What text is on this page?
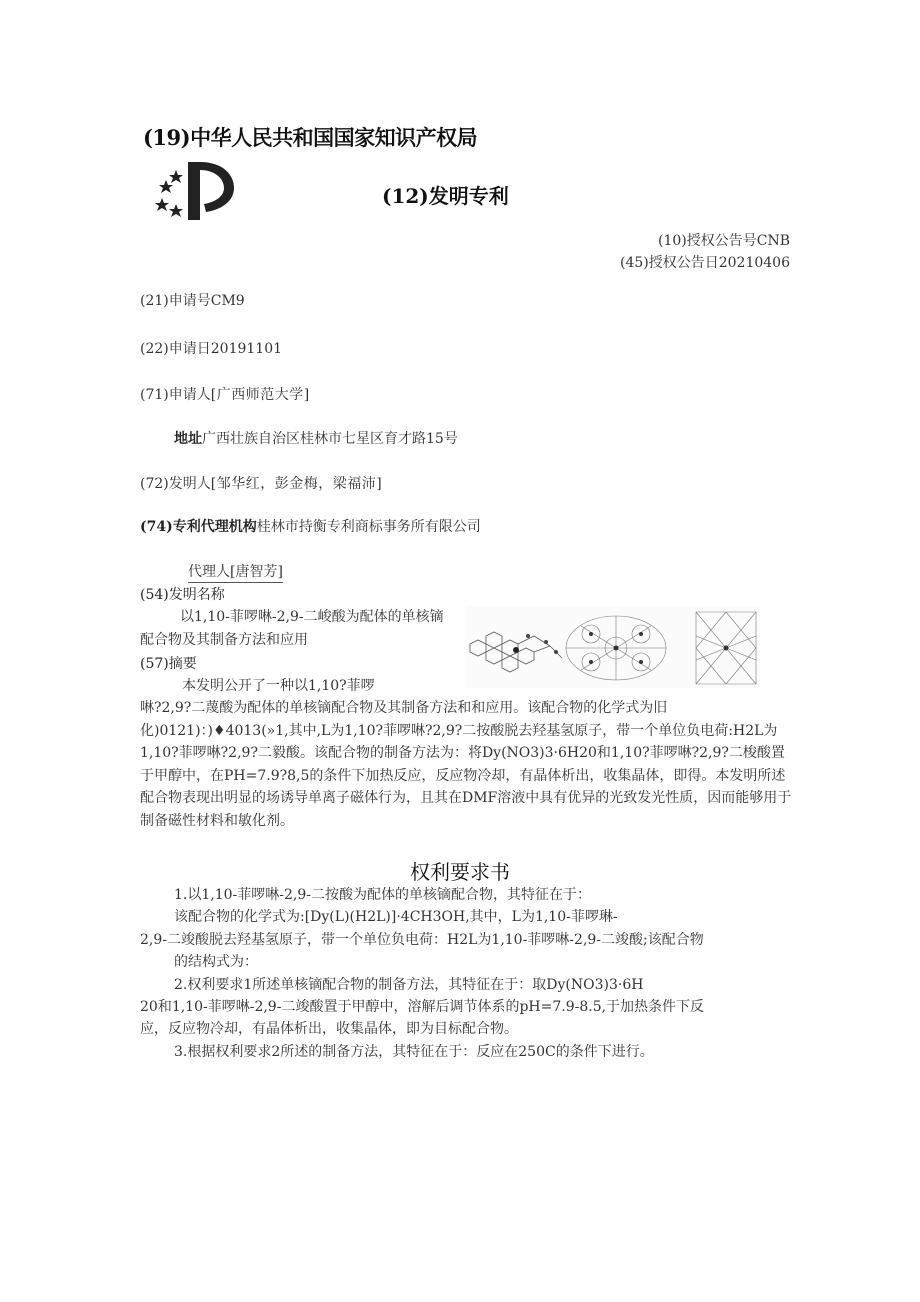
(19)中华人民共和国国家知识产权局
(12)发明专利
(10)授权公告号CNB
(45)授权公告日20210406
(21)申请号CM9
(22)申请日20191101
(71)申请人[广西师范大学]
地址广西壮族自治区桂林市七星区育才路15号
(72)发明人[邹华红，彭金梅，梁福沛]
(74)专利代理机构桂林市持衡专利商标事务所有限公司
代理人[唐智芳]
(54)发明名称
以1,10-菲啰啉-2,9-二峻酸为配体的单核镝配合物及其制备方法和应用
(57)摘要
本发明公开了一种以1,10?菲啰
啉?2,9?二蔑酸为配体的单核镝配合物及其制备方法和和应用。该配合物的化学式为旧化)0121)：)♦4013(»1,其中,L为1,10?菲啰啉?2,9?二按酸脱去羟基氢原子，带一个单位负电荷:H2L为1,10?菲啰啉?2,9?二毅酸。该配合物的制备方法为：将Dy(NO3)3·6H20和1,10?菲啰啉?2,9?二梭酸置于甲醇中，在PH=7.9?8,5的条件下加热反应，反应物冷却，有晶体析出，收集晶体，即得。本发明所述配合物表现出明显的场诱导单离子磁体行为，且其在DMF溶液中具有优异的光致发光性质，因而能够用于制备磁性材料和敏化剂。
权利要求书

1.以1,10-菲啰啉-2,9-二按酸为配体的单核镝配合物，其特征在于：

该配合物的化学式为:[Dy(L)(H2L)]·4CH3OH,其中，L为1,10-菲啰琳-

2,9-二竣酸脱去羟基氢原子，带一个单位负电荷：H2L为1,10-菲啰啉-2,9-二竣酸;该配合物

的结构式为：

2.权利要求1所述单核镝配合物的制备方法，其特征在于：取Dy(NO3)3·6H

20和1,10-菲啰啉-2,9-二竣酸置于甲醇中，溶解后调节体系的pH=7.9-8.5,于加热条件下反

应，反应物冷却，有晶体析出，收集晶体，即为目标配合物。

3.根据权利要求2所述的制备方法，其特征在于：反应在250C的条件下进行。
